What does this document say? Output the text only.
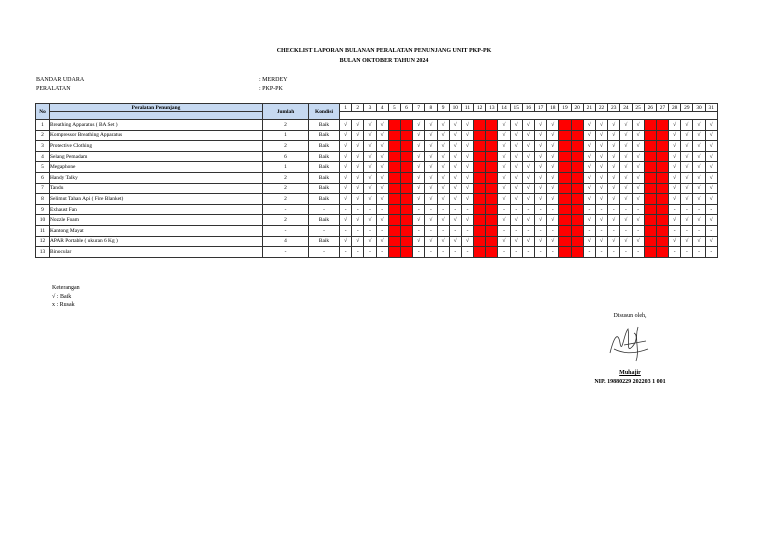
CHECKLIST LAPORAN BULANAN PERALATAN PENUNJANG UNIT PKP-PK
BULAN OKTOBER TAHUN 2024
BANDAR UDARA	: MERDEY
PERALATAN	: PKP-PK
No	Peralatan Penunjang	Jumlah	Kondisi	1	2	3	4	5	6	7	8	9	10	11	12	13	14	15	16	17	18	19	20	21	22	23	24	25	26	27	28	29	30	31

1	Breathing Apparatus ( BA Set )	2	Baik	√	√	√	√			√	√	√	√	√			√	√	√	√	√			√	√	√	√	√			√	√	√	√
2	Kompressor Breathing Apparatus	1	Baik	√	√	√	√			√	√	√	√	√			√	√	√	√	√			√	√	√	√	√			√	√	√	√
3	Protective Clothing	2	Baik	√	√	√	√			√	√	√	√	√			√	√	√	√	√			√	√	√	√	√			√	√	√	√
4	Selang Pemadam	6	Baik	√	√	√	√			√	√	√	√	√			√	√	√	√	√			√	√	√	√	√			√	√	√	√
5	Megaphone	1	Baik	√	√	√	√			√	√	√	√	√			√	√	√	√	√			√	√	√	√	√			√	√	√	√
6	Handy Talky	2	Baik	√	√	√	√			√	√	√	√	√			√	√	√	√	√			√	√	√	√	√			√	√	√	√
7	Tandu	2	Baik	√	√	√	√			√	√	√	√	√			√	√	√	√	√			√	√	√	√	√			√	√	√	√
8	Selimut Tahan Api ( Fire Blanket)	2	Baik	√	√	√	√			√	√	√	√	√			√	√	√	√	√			√	√	√	√	√			√	√	√	√
9	Exhaust Fan	-	-	-	-	-	-			-	-	-	-	-			-	-	-	-	-			-	-	-	-	-			-	-	-	-
10	Nozzle Foam	2	Baik	√	√	√	√			√	√	√	√	√			√	√	√	√	√			√	√	√	√	√			√	√	√	√
11	Kantong Mayat	-	-	-	-	-	-			-	-	-	-	-			-	-	-	-	-			-	-	-	-	-			-	-	-	-
12	APAR Portable ( ukuran 6 Kg )	4	Baik	√	√	√	√			√	√	√	√	√			√	√	√	√	√			√	√	√	√	√			√	√	√	√
13	Binocular	-	-	-	-	-	-			-	-	-	-	-			-	-	-	-	-			-	-	-	-	-			-	-	-	-
Keterangan
√ : Baik
x : Rusak
Disusun oleh,
Muhajir
NIP. 19880229 202203 1 001
